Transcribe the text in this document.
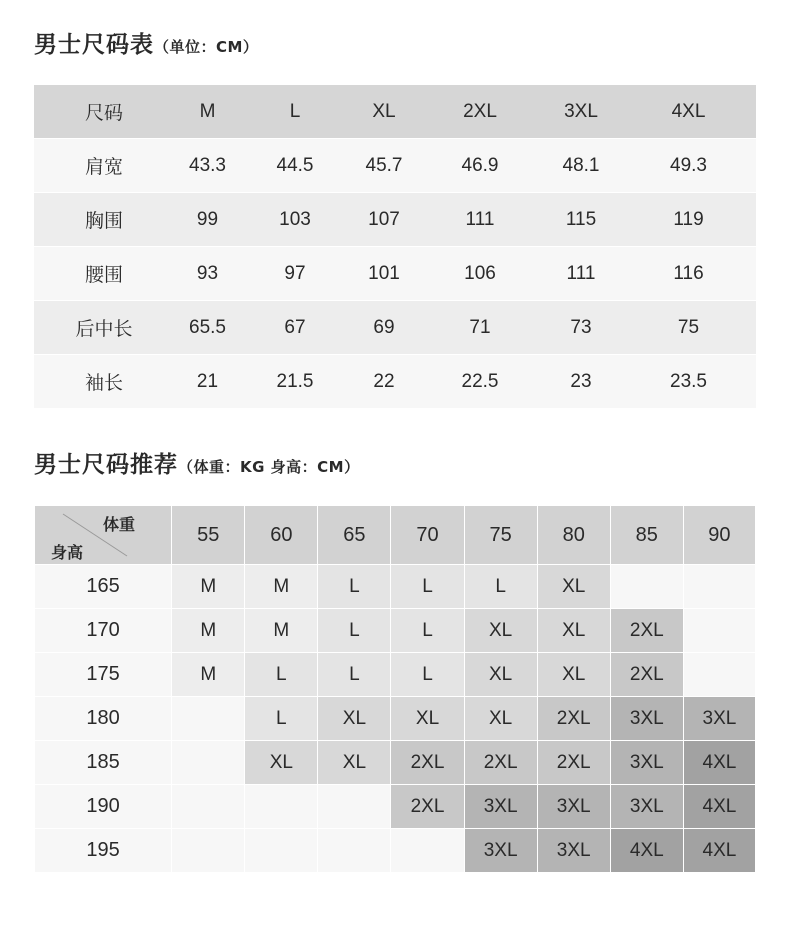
男士尺码表（单位：CM）
尺码	M	L	XL	2XL	3XL	4XL
肩宽	43.3	44.5	45.7	46.9	48.1	49.3
胸围	99	103	107	111	115	119
腰围	93	97	101	106	111	116
后中长	65.5	67	69	71	73	75
袖长	21	21.5	22	22.5	23	23.5
男士尺码推荐（体重：KG 身高：CM）
体重
身高	55	60	65	70	75	80	85	90
165	M	M	L	L	L	XL		
170	M	M	L	L	XL	XL	2XL	
175	M	L	L	L	XL	XL	2XL	
180		L	XL	XL	XL	2XL	3XL	3XL
185		XL	XL	2XL	2XL	2XL	3XL	4XL
190				2XL	3XL	3XL	3XL	4XL
195					3XL	3XL	4XL	4XL
